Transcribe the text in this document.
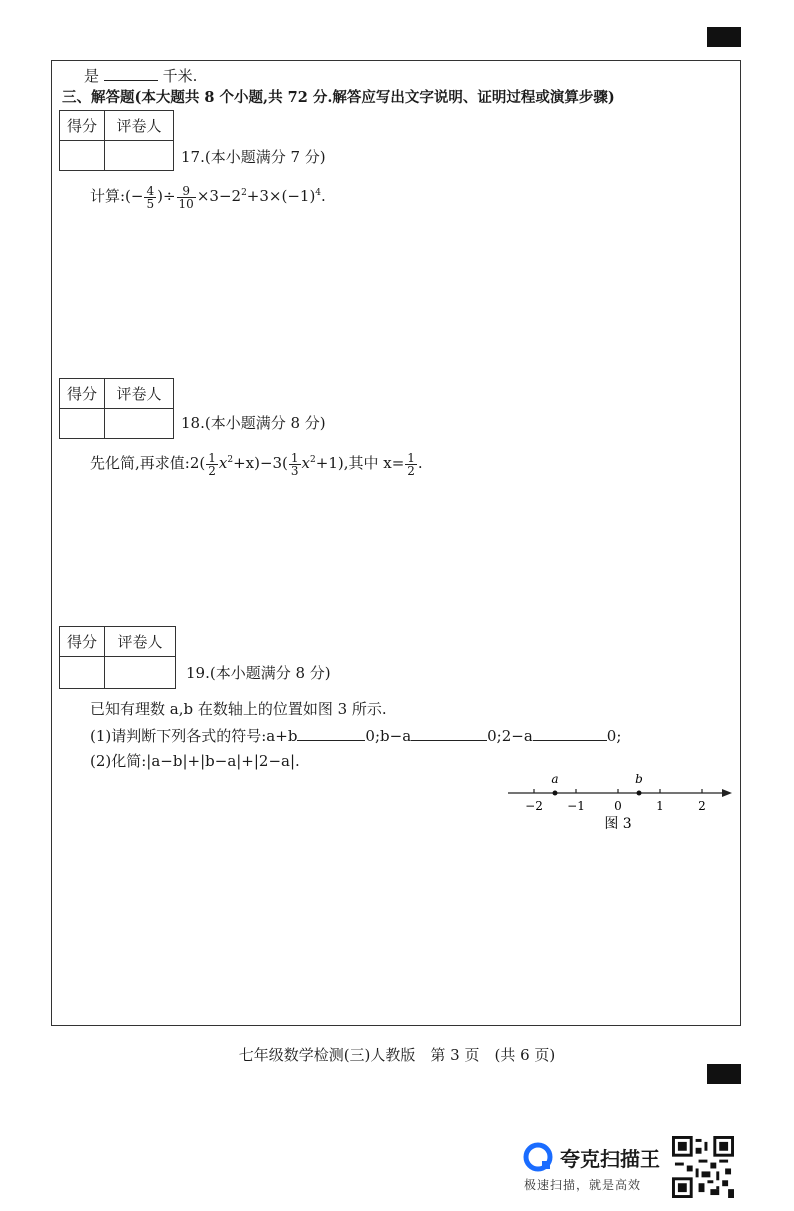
是	千米.
三、解答题(本大题共 8 个小题,共 72 分.解答应写出文字说明、证明过程或演算步骤)
得分	评卷人

17.(本小题满分 7 分)
计算:(− $\frac{4}{5}$ )÷ $\frac{9}{10} \times 3-2^2+3\times(-1)^4$.
得分	评卷人

18.(本小题满分 8 分)
先化简,再求值:2( $\frac{1}{2} x^2+x)-3( \frac{1}{3} x^2+1)$,其中 $x= \frac{1}{2}$ .
得分	评卷人

19.(本小题满分 8 分)
已知有理数 a,b 在数轴上的位置如图 3 所示.
(1)请判断下列各式的符号:a+b	0;b−a	0;2−a	0;
(2)化简:|a−b|+|b−a|+|2−a|.
−2 −1 0	1	2
a	b
图 3
七年级数学检测(三)人教版　第 3 页　(共 6 页)
夸克扫描王
极速扫描，就是高效
